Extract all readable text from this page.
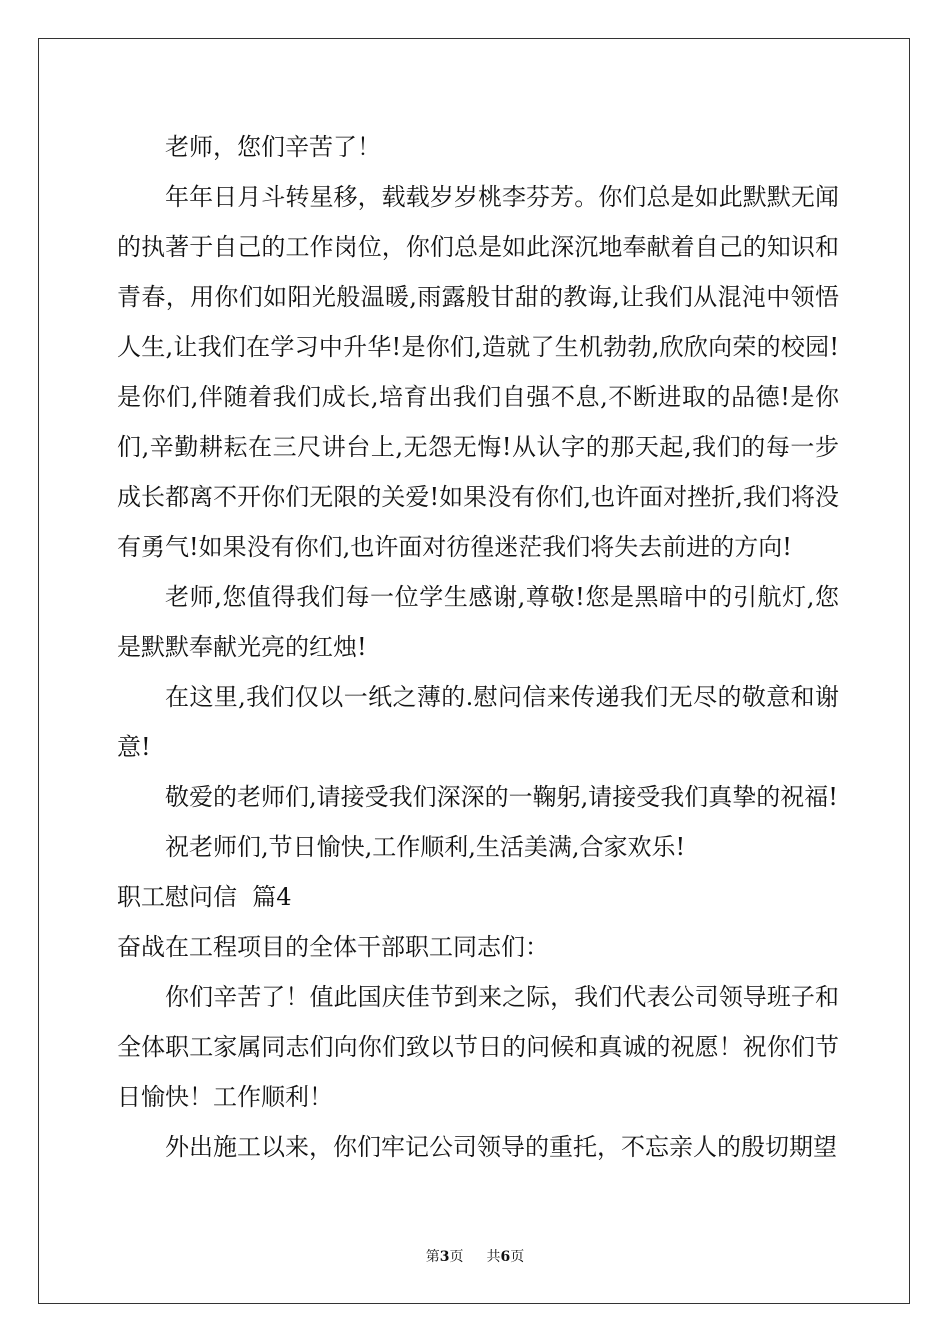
老师，您们辛苦了！

年年日月斗转星移，载载岁岁桃李芬芳。你们总是如此默默无闻的执著于自己的工作岗位，你们总是如此深沉地奉献着自己的知识和青春，用你们如阳光般温暖,雨露般甘甜的教诲,让我们从混沌中领悟人生,让我们在学习中升华!是你们,造就了生机勃勃,欣欣向荣的校园!是你们,伴随着我们成长,培育出我们自强不息,不断进取的品德!是你们,辛勤耕耘在三尺讲台上,无怨无悔!从认字的那天起,我们的每一步成长都离不开你们无限的关爱!如果没有你们,也许面对挫折,我们将没有勇气!如果没有你们,也许面对彷徨迷茫我们将失去前进的方向!

老师,您值得我们每一位学生感谢,尊敬!您是黑暗中的引航灯,您是默默奉献光亮的红烛!

在这里,我们仅以一纸之薄的.慰问信来传递我们无尽的敬意和谢意!

敬爱的老师们,请接受我们深深的一鞠躬,请接受我们真挚的祝福!

祝老师们,节日愉快,工作顺利,生活美满,合家欢乐!

职工慰问信  篇4

奋战在工程项目的全体干部职工同志们：

你们辛苦了！值此国庆佳节到来之际，我们代表公司领导班子和全体职工家属同志们向你们致以节日的问候和真诚的祝愿！祝你们节日愉快！工作顺利！

外出施工以来，你们牢记公司领导的重托，不忘亲人的殷切期望

第3页 共6页
